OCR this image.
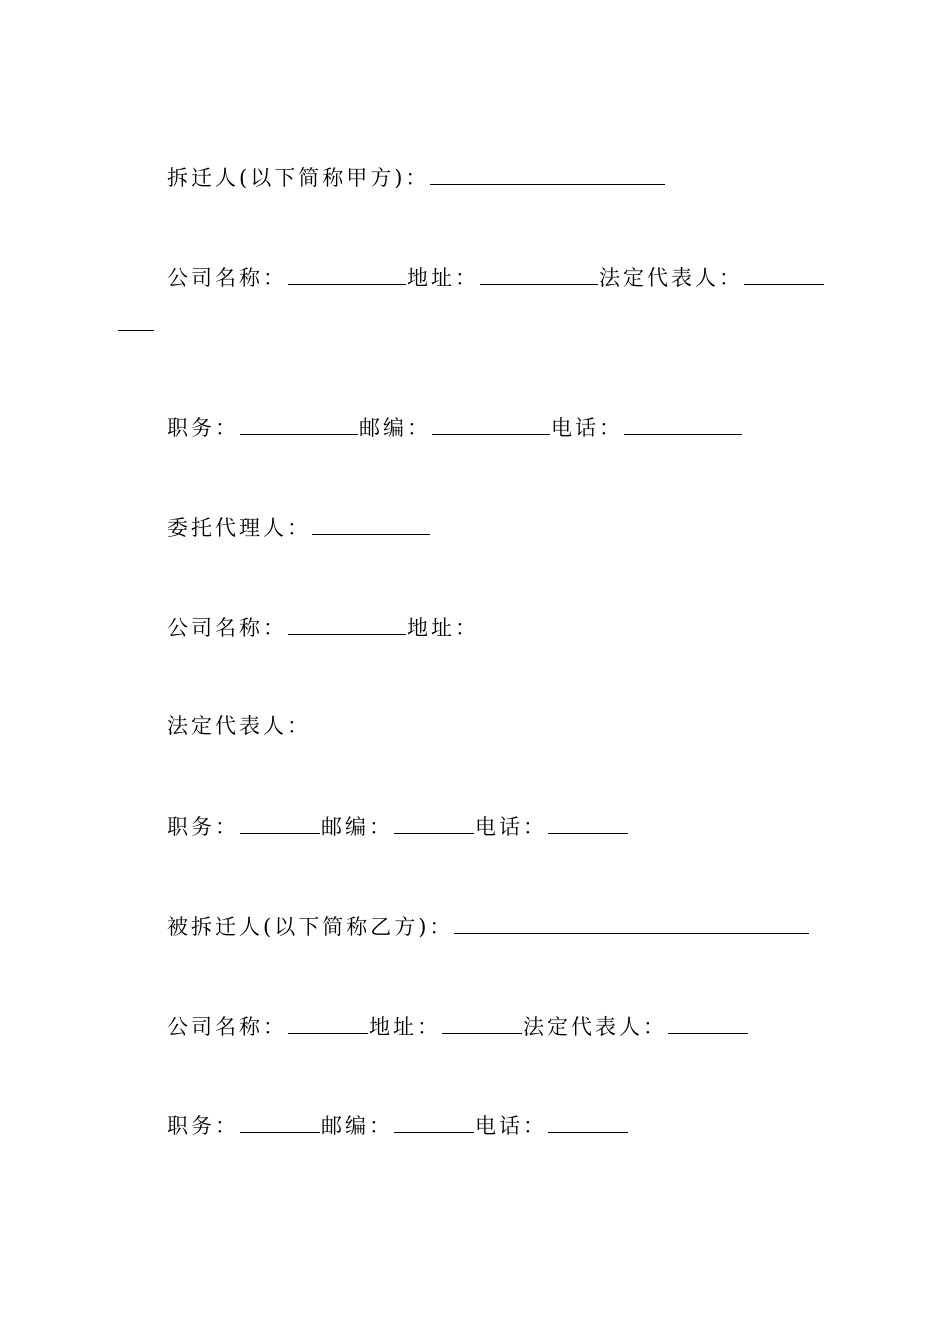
拆迁人(以下简称甲方)：
公司名称：	地址：	法定代表人：
职务：	邮编：	电话：
委托代理人：
公司名称：	地址：
法定代表人：
职务：	邮编：	电话：
被拆迁人(以下简称乙方)：
公司名称：	地址：	法定代表人：
职务：	邮编：	电话：
